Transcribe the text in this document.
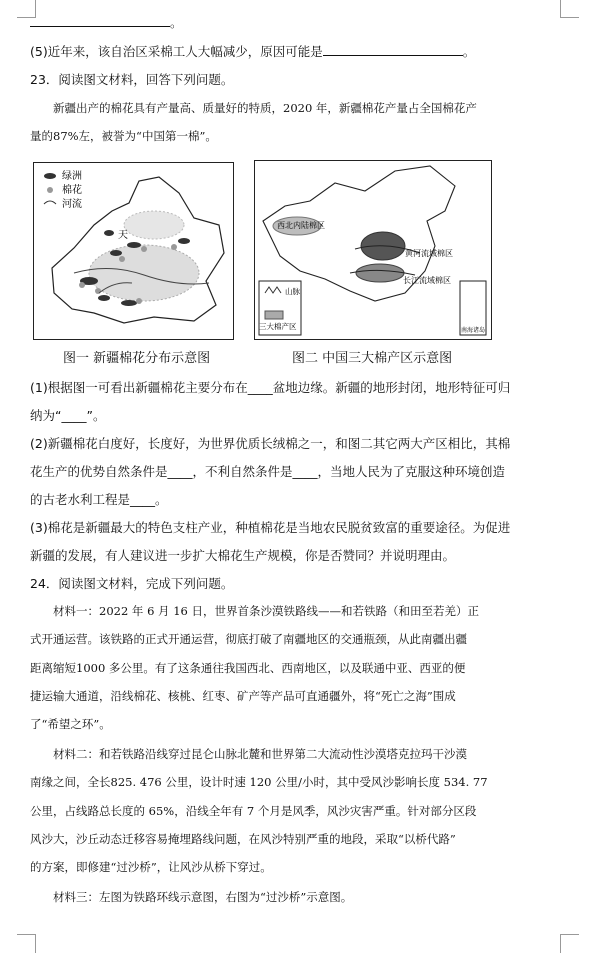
。
(5)近年来，该自治区采棉工人大幅减少，原因可能是	。
23．阅读图文材料，回答下列问题。
新疆出产的棉花具有产量高、质量好的特质，2020 年，新疆棉花产量占全国棉花产
量的87%左，被誉为“中国第一棉”。
绿洲
棉花
河流
天
山脉
三大棉产区
西北内陆棉区
黄河流域棉区
长江流域棉区
南海诸岛
图一 新疆棉花分布示意图	图二 中国三大棉产区示意图
(1)根据图一可看出新疆棉花主要分布在____盆地边缘。新疆的地形封闭，地形特征可归
纳为“____”。
(2)新疆棉花白度好，长度好，为世界优质长绒棉之一，和图二其它两大产区相比，其棉
花生产的优势自然条件是____，不利自然条件是____，当地人民为了克服这种环境创造
的古老水利工程是____。
(3)棉花是新疆最大的特色支柱产业，种植棉花是当地农民脱贫致富的重要途径。为促进
新疆的发展，有人建议进一步扩大棉花生产规模，你是否赞同？并说明理由。
24．阅读图文材料，完成下列问题。
材料一：2022 年 6 月 16 日，世界首条沙漠铁路线——和若铁路（和田至若羌）正
式开通运营。该铁路的正式开通运营，彻底打破了南疆地区的交通瓶颈，从此南疆出疆
距离缩短1000 多公里。有了这条通往我国西北、西南地区，以及联通中亚、西亚的便
捷运输大通道，沿线棉花、核桃、红枣、矿产等产品可直通疆外，将“死亡之海”围成
了“希望之环”。
材料二：和若铁路沿线穿过昆仑山脉北麓和世界第二大流动性沙漠塔克拉玛干沙漠
南缘之间，全长825. 476 公里，设计时速 120 公里/小时，其中受风沙影响长度 534. 77
公里，占线路总长度的 65%，沿线全年有 7 个月是风季，风沙灾害严重。针对部分区段
风沙大，沙丘动态迁移容易掩埋路线问题，在风沙特别严重的地段，采取“以桥代路”
的方案，即修建“过沙桥”，让风沙从桥下穿过。
材料三：左图为铁路环线示意图，右图为“过沙桥”示意图。
